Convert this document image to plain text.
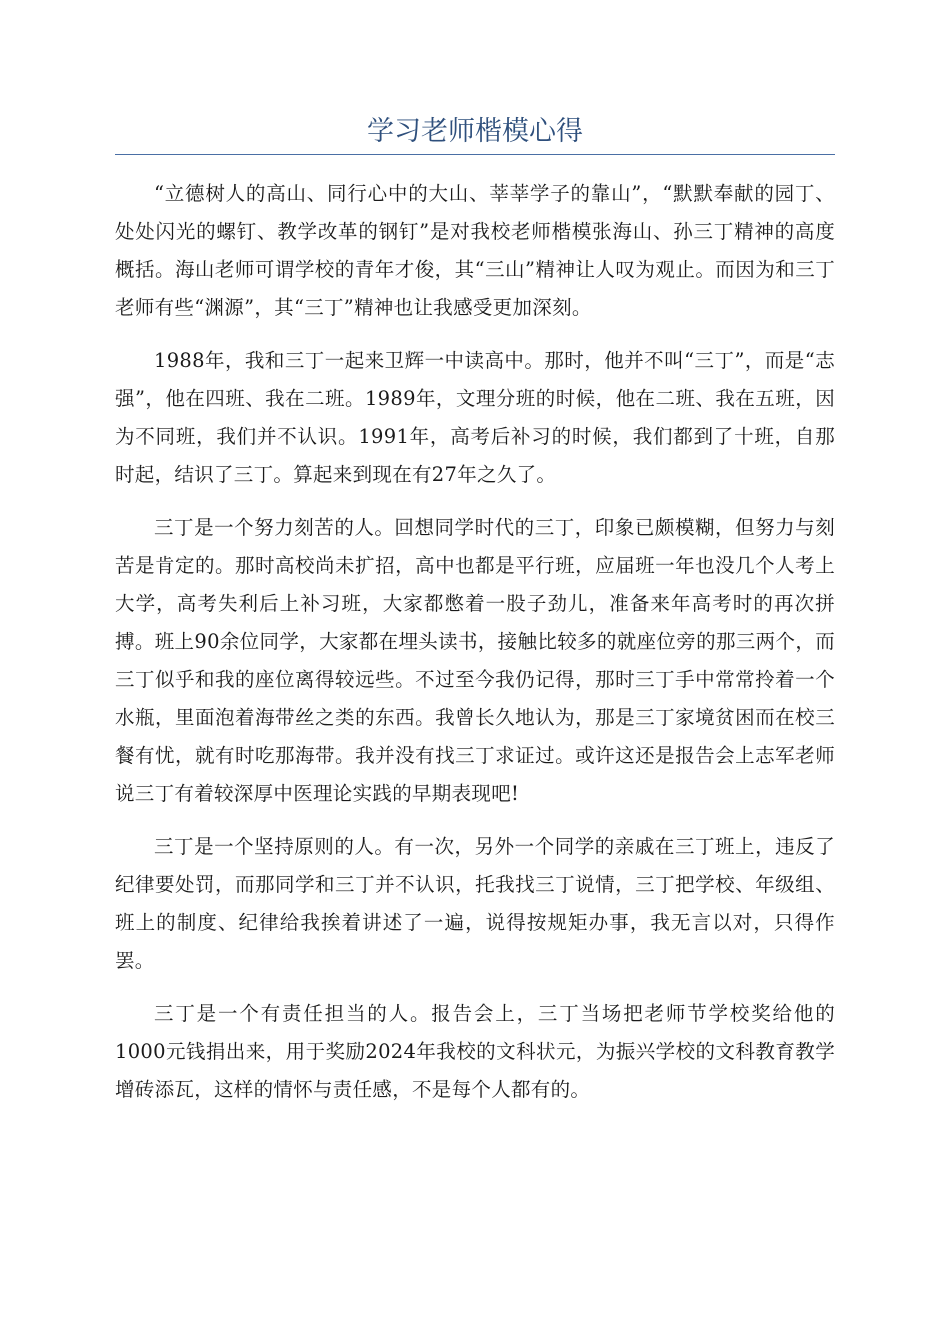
学习老师楷模心得

“立德树人的高山、同行心中的大山、莘莘学子的靠山”，“默默奉献的园丁、处处闪光的螺钉、教学改革的钢钉”是对我校老师楷模张海山、孙三丁精神的高度概括。海山老师可谓学校的青年才俊，其“三山”精神让人叹为观止。而因为和三丁老师有些“渊源”，其“三丁”精神也让我感受更加深刻。

1988年，我和三丁一起来卫辉一中读高中。那时，他并不叫“三丁”，而是“志强”，他在四班、我在二班。1989年，文理分班的时候，他在二班、我在五班，因为不同班，我们并不认识。1991年，高考后补习的时候，我们都到了十班，自那时起，结识了三丁。算起来到现在有27年之久了。

三丁是一个努力刻苦的人。回想同学时代的三丁，印象已颇模糊，但努力与刻苦是肯定的。那时高校尚未扩招，高中也都是平行班，应届班一年也没几个人考上大学，高考失利后上补习班，大家都憋着一股子劲儿，准备来年高考时的再次拼搏。班上90余位同学，大家都在埋头读书，接触比较多的就座位旁的那三两个，而三丁似乎和我的座位离得较远些。不过至今我仍记得，那时三丁手中常常拎着一个水瓶，里面泡着海带丝之类的东西。我曾长久地认为，那是三丁家境贫困而在校三餐有忧，就有时吃那海带。我并没有找三丁求证过。或许这还是报告会上志军老师说三丁有着较深厚中医理论实践的早期表现吧!

三丁是一个坚持原则的人。有一次，另外一个同学的亲戚在三丁班上，违反了纪律要处罚，而那同学和三丁并不认识，托我找三丁说情，三丁把学校、年级组、班上的制度、纪律给我挨着讲述了一遍，说得按规矩办事，我无言以对，只得作罢。

三丁是一个有责任担当的人。报告会上，三丁当场把老师节学校奖给他的1000元钱捐出来，用于奖励2024年我校的文科状元，为振兴学校的文科教育教学增砖添瓦，这样的情怀与责任感，不是每个人都有的。
